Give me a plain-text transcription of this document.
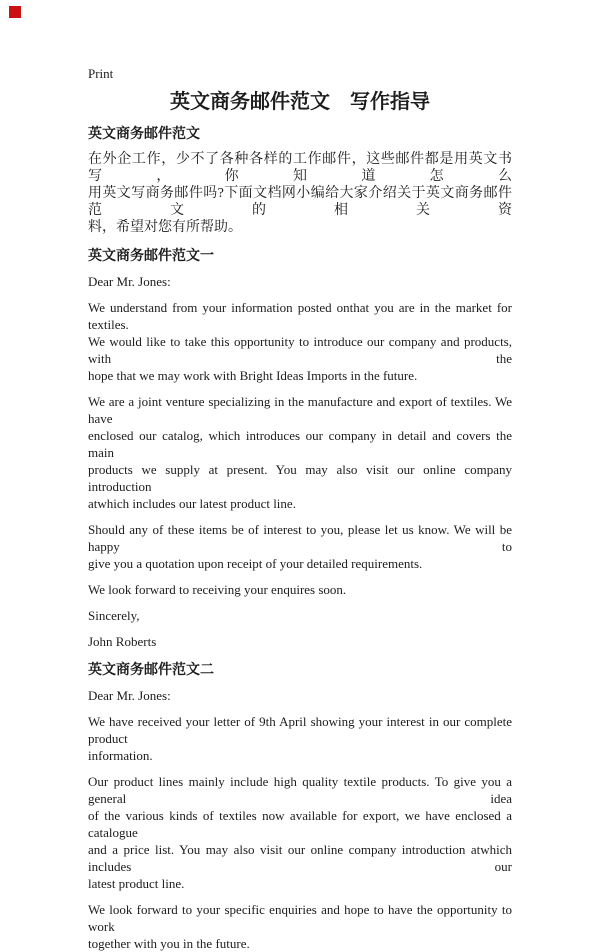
Print
英文商务邮件范文　写作指导
英文商务邮件范文
在外企工作，少不了各种各样的工作邮件，这些邮件都是用英文书写，你知道怎么
用英文写商务邮件吗?下面文档网小编给大家介绍关于英文商务邮件范文的相关资
料，希望对您有所帮助。
英文商务邮件范文一
Dear Mr. Jones:
We understand from your information posted onthat you are in the market for textiles.
We would like to take this opportunity to introduce our company and products, with the
hope that we may work with Bright Ideas Imports in the future.
We are a joint venture specializing in the manufacture and export of textiles. We have
enclosed our catalog, which introduces our company in detail and covers the main
products we supply at present. You may also visit our online company introduction
atwhich includes our latest product line.
Should any of these items be of interest to you, please let us know. We will be happy to
give you a quotation upon receipt of your detailed requirements.
We look forward to receiving your enquires soon.
Sincerely,
John Roberts
英文商务邮件范文二
Dear Mr. Jones:
We have received your letter of 9th April showing your interest in our complete product
information.
Our product lines mainly include high quality textile products. To give you a general idea
of the various kinds of textiles now available for export, we have enclosed a catalogue
and a price list. You may also visit our online company introduction atwhich includes our
latest product line.
We look forward to your specific enquiries and hope to have the opportunity to work
together with you in the future.
